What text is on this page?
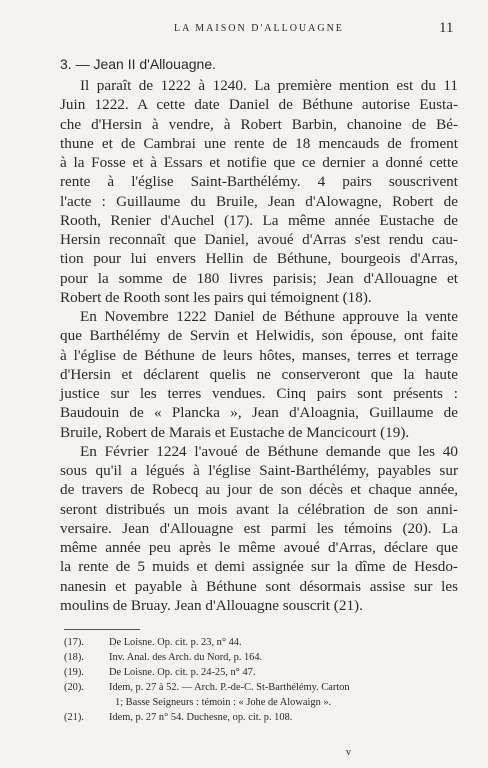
LA MAISON D'ALLOUAGNE	11
3. — Jean II d'Allouagne.
Il paraît de 1222 à 1240. La première mention est du 11
Juin 1222. A cette date Daniel de Béthune autorise Eusta-
che d'Hersin à vendre, à Robert Barbin, chanoine de Bé-
thune et de Cambrai une rente de 18 mencauds de froment
à la Fosse et à Essars et notifie que ce dernier a donné cette
rente à l'église Saint-Barthélémy. 4 pairs souscrivent
l'acte : Guillaume du Bruile, Jean d'Alowagne, Robert de
Rooth, Renier d'Auchel (17). La même année Eustache de
Hersin reconnaît que Daniel, avoué d'Arras s'est rendu cau-
tion pour lui envers Hellin de Béthune, bourgeois d'Arras,
pour la somme de 180 livres parisis; Jean d'Allouagne et
Robert de Rooth sont les pairs qui témoignent (18).
En Novembre 1222 Daniel de Béthune approuve la vente
que Barthélémy de Servin et Helwidis, son épouse, ont faite
à l'église de Béthune de leurs hôtes, manses, terres et terrage
d'Hersin et déclarent quelis ne conserveront que la haute
justice sur les terres vendues. Cinq pairs sont présents :
Baudouin de « Plancka », Jean d'Aloagnia, Guillaume de
Bruile, Robert de Marais et Eustache de Mancicourt (19).
En Février 1224 l'avoué de Béthune demande que les 40
sous qu'il a légués à l'église Saint-Barthélémy, payables sur
de travers de Robecq au jour de son décès et chaque année,
seront distribués un mois avant la célébration de son anni-
versaire. Jean d'Allouagne est parmi les témoins (20). La
même année peu après le même avoué d'Arras, déclare que
la rente de 5 muids et demi assignée sur la dîme de Hesdo-
nanesin et payable à Béthune sont désormais assise sur les
moulins de Bruay. Jean d'Allouagne souscrit (21).
(17). De Loisne. Op. cit. p. 23, n° 44.
(18). Inv. Anal. des Arch. du Nord, p. 164.
(19). De Loisne. Op. cit. p. 24-25, n° 47.
(20). Idem, p. 27 à 52. — Arch. P.-de-C. St-Barthélémy. Carton
1; Basse Seigneurs : témoin : « Johe de Alowaign ».
(21). Idem, p. 27 n° 54. Duchesne, op. cit. p. 108.
v
